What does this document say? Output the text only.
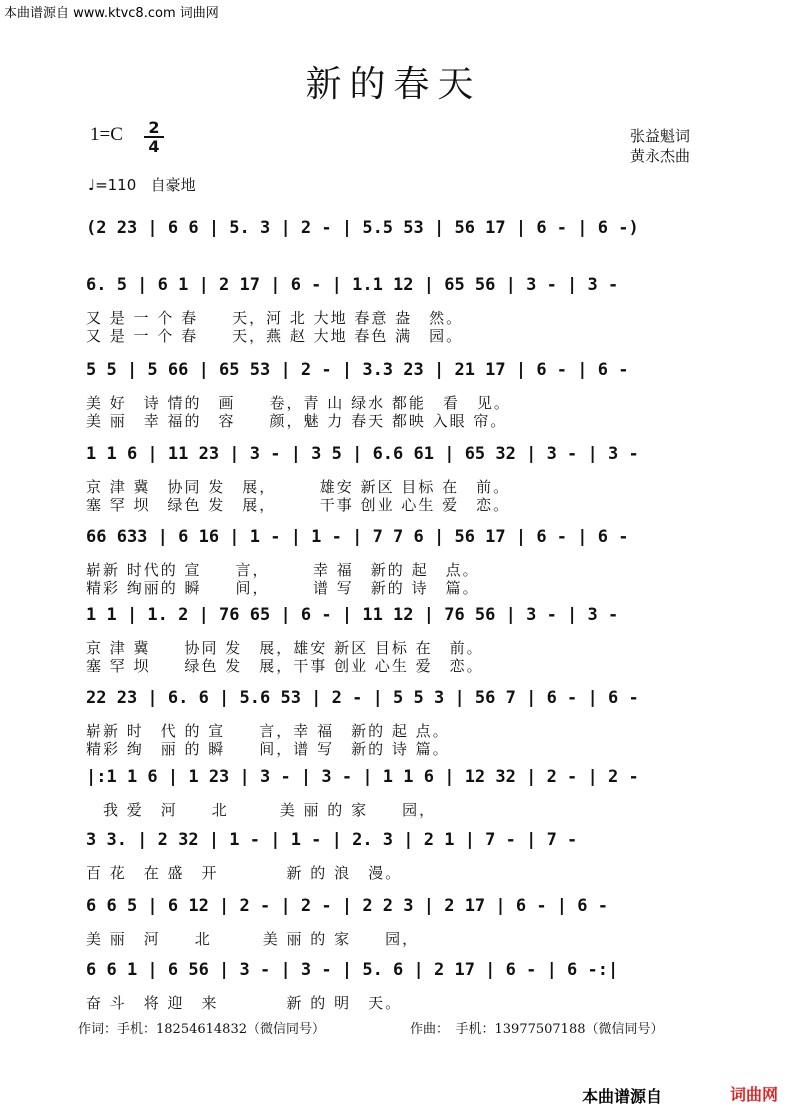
本曲谱源自 www.ktvc8.com 词曲网
新的春天
1=C 2
4
张益魁词
黄永杰曲
♩=110 自豪地
(2 23 | 6 6 | 5. 3 | 2 - | 5.5 53 | 56 17 | 6 - | 6 -)
6. 5 | 6 1 | 2 17 | 6 - | 1.1 12 | 65 56 | 3 - | 3 -
又 是 一 个 春　　天，河 北 大地 春意 盎　然。
又 是 一 个 春　　天，燕 赵 大地 春色 满　园。
5 5 | 5 66 | 65 53 | 2 - | 3.3 23 | 21 17 | 6 - | 6 -
美 好　诗 情的　画　　卷，青 山 绿水 都能　看　见。
美 丽　幸 福的　容　　颜，魅 力 春天 都映 入眼 帘。
1 1 6 | 11 23 | 3 - | 3 5 | 6.6 61 | 65 32 | 3 - | 3 -
京 津 冀　协同 发　展，　　　雄安 新区 目标 在　前。
塞 罕 坝　绿色 发　展，　　　干事 创业 心生 爱　恋。
66 633 | 6 16 | 1 - | 1 - | 7 7 6 | 56 17 | 6 - | 6 -
崭新 时代的 宣　　言，　　　幸 福　新的 起　点。
精彩 绚丽的 瞬　　间，　　　谱 写　新的 诗　篇。
1 1 | 1. 2 | 76 65 | 6 - | 11 12 | 76 56 | 3 - | 3 -
京 津 冀　　协同 发　展，雄安 新区 目标 在　前。
塞 罕 坝　　绿色 发　展，干事 创业 心生 爱　恋。
22 23 | 6. 6 | 5.6 53 | 2 - | 5 5 3 | 56 7 | 6 - | 6 -
崭新 时　代 的 宣　　言，幸 福　新的 起 点。
精彩 绚　丽 的 瞬　　间，谱 写　新的 诗 篇。
|:1 1 6 | 1 23 | 3 - | 3 - | 1 1 6 | 12 32 | 2 - | 2 -
　我 爱　河　　北　　　美 丽 的 家　　园，
3 3. | 2 32 | 1 - | 1 - | 2. 3 | 2 1 | 7 - | 7 -
百 花　在 盛　开　　　　新 的 浪　漫。
6 6 5 | 6 12 | 2 - | 2 - | 2 2 3 | 2 17 | 6 - | 6 -
美 丽　河　　北　　　美 丽 的 家　　园，
6 6 1 | 6 56 | 3 - | 3 - | 5. 6 | 2 17 | 6 - | 6 -:|
奋 斗　将 迎　来　　　　新 的 明　天。
作词：手机：18254614832（微信同号）	作曲：　手机：13977507188（微信同号）
本曲谱源自	词曲网
